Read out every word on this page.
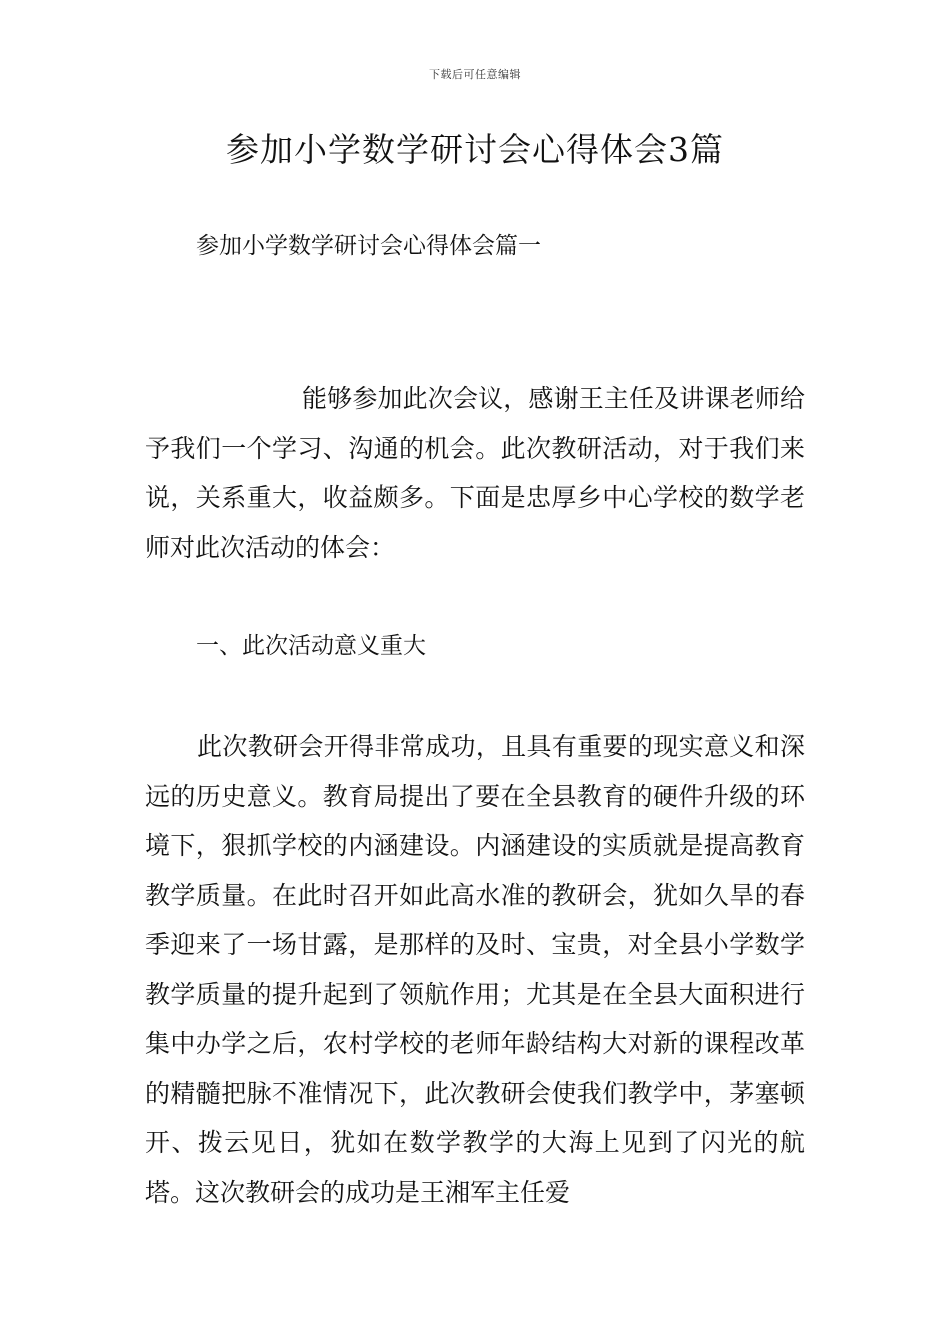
下载后可任意编辑
参加小学数学研讨会心得体会3篇

参加小学数学研讨会心得体会篇一

能够参加此次会议，感谢王主任及讲课老师给予我们一个学习、沟通的机会。此次教研活动，对于我们来说，关系重大，收益颇多。下面是忠厚乡中心学校的数学老师对此次活动的体会：

一、此次活动意义重大

此次教研会开得非常成功，且具有重要的现实意义和深远的历史意义。教育局提出了要在全县教育的硬件升级的环境下，狠抓学校的内涵建设。内涵建设的实质就是提高教育教学质量。在此时召开如此高水准的教研会，犹如久旱的春季迎来了一场甘露，是那样的及时、宝贵，对全县小学数学教学质量的提升起到了领航作用；尤其是在全县大面积进行集中办学之后，农村学校的老师年龄结构大对新的课程改革的精髓把脉不准情况下，此次教研会使我们教学中，茅塞顿开、拨云见日，犹如在数学教学的大海上见到了闪光的航塔。这次教研会的成功是王湘军主任爱
